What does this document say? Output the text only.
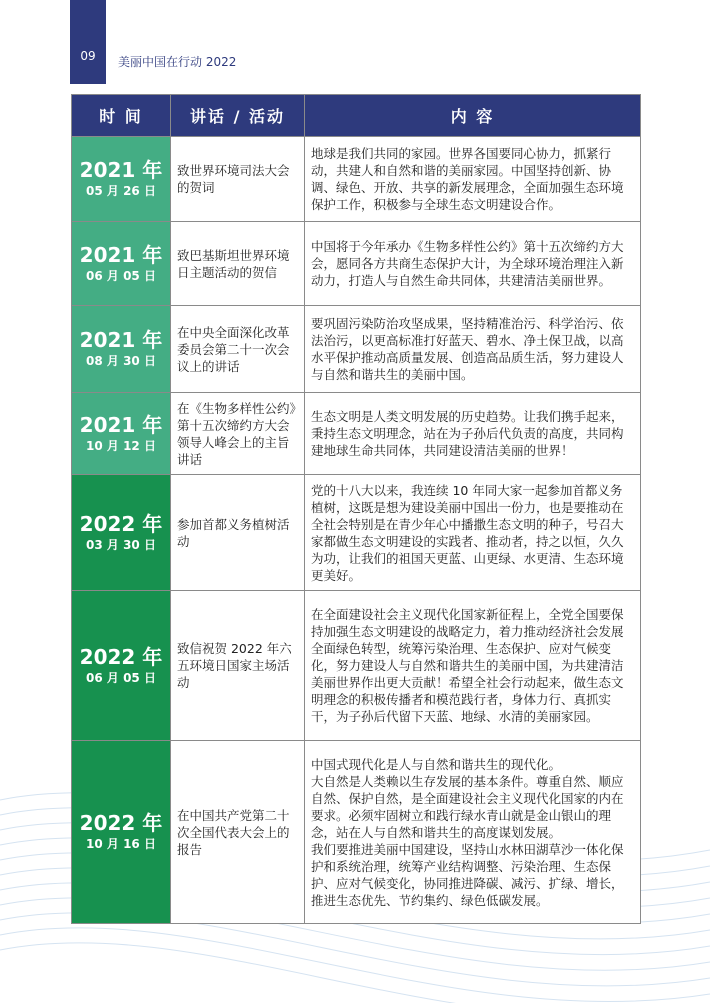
09	美丽中国在行动 2022
时 间	讲话 / 活动	内 容

2021 年
05 月 26 日	致世界环境司法大会的贺词	地球是我们共同的家园。世界各国要同心协力，抓紧行动，共建人和自然和谐的美丽家园。中国坚持创新、协调、绿色、开放、共享的新发展理念，全面加强生态环境保护工作，积极参与全球生态文明建设合作。

2021 年
06 月 05 日	致巴基斯坦世界环境日主题活动的贺信	中国将于今年承办《生物多样性公约》第十五次缔约方大会，愿同各方共商生态保护大计，为全球环境治理注入新动力，打造人与自然生命共同体，共建清洁美丽世界。

2021 年
08 月 30 日	在中央全面深化改革委员会第二十一次会议上的讲话	要巩固污染防治攻坚成果，坚持精准治污、科学治污、依法治污，以更高标准打好蓝天、碧水、净土保卫战，以高水平保护推动高质量发展、创造高品质生活，努力建设人与自然和谐共生的美丽中国。

2021 年
10 月 12 日	在《生物多样性公约》第十五次缔约方大会领导人峰会上的主旨讲话	生态文明是人类文明发展的历史趋势。让我们携手起来，秉持生态文明理念，站在为子孙后代负责的高度，共同构建地球生命共同体，共同建设清洁美丽的世界！

2022 年
03 月 30 日	参加首都义务植树活动	党的十八大以来，我连续 10 年同大家一起参加首都义务植树，这既是想为建设美丽中国出一份力，也是要推动在全社会特别是在青少年心中播撒生态文明的种子，号召大家都做生态文明建设的实践者、推动者，持之以恒，久久为功，让我们的祖国天更蓝、山更绿、水更清、生态环境更美好。

2022 年
06 月 05 日	致信祝贺 2022 年六五环境日国家主场活动	在全面建设社会主义现代化国家新征程上，全党全国要保持加强生态文明建设的战略定力，着力推动经济社会发展全面绿色转型，统筹污染治理、生态保护、应对气候变化，努力建设人与自然和谐共生的美丽中国，为共建清洁美丽世界作出更大贡献！希望全社会行动起来，做生态文明理念的积极传播者和模范践行者，身体力行、真抓实干，为子孙后代留下天蓝、地绿、水清的美丽家园。

2022 年
10 月 16 日	在中国共产党第二十次全国代表大会上的报告	中国式现代化是人与自然和谐共生的现代化。
大自然是人类赖以生存发展的基本条件。尊重自然、顺应自然、保护自然，是全面建设社会主义现代化国家的内在要求。必须牢固树立和践行绿水青山就是金山银山的理念，站在人与自然和谐共生的高度谋划发展。
我们要推进美丽中国建设，坚持山水林田湖草沙一体化保护和系统治理，统筹产业结构调整、污染治理、生态保护、应对气候变化，协同推进降碳、减污、扩绿、增长，推进生态优先、节约集约、绿色低碳发展。
